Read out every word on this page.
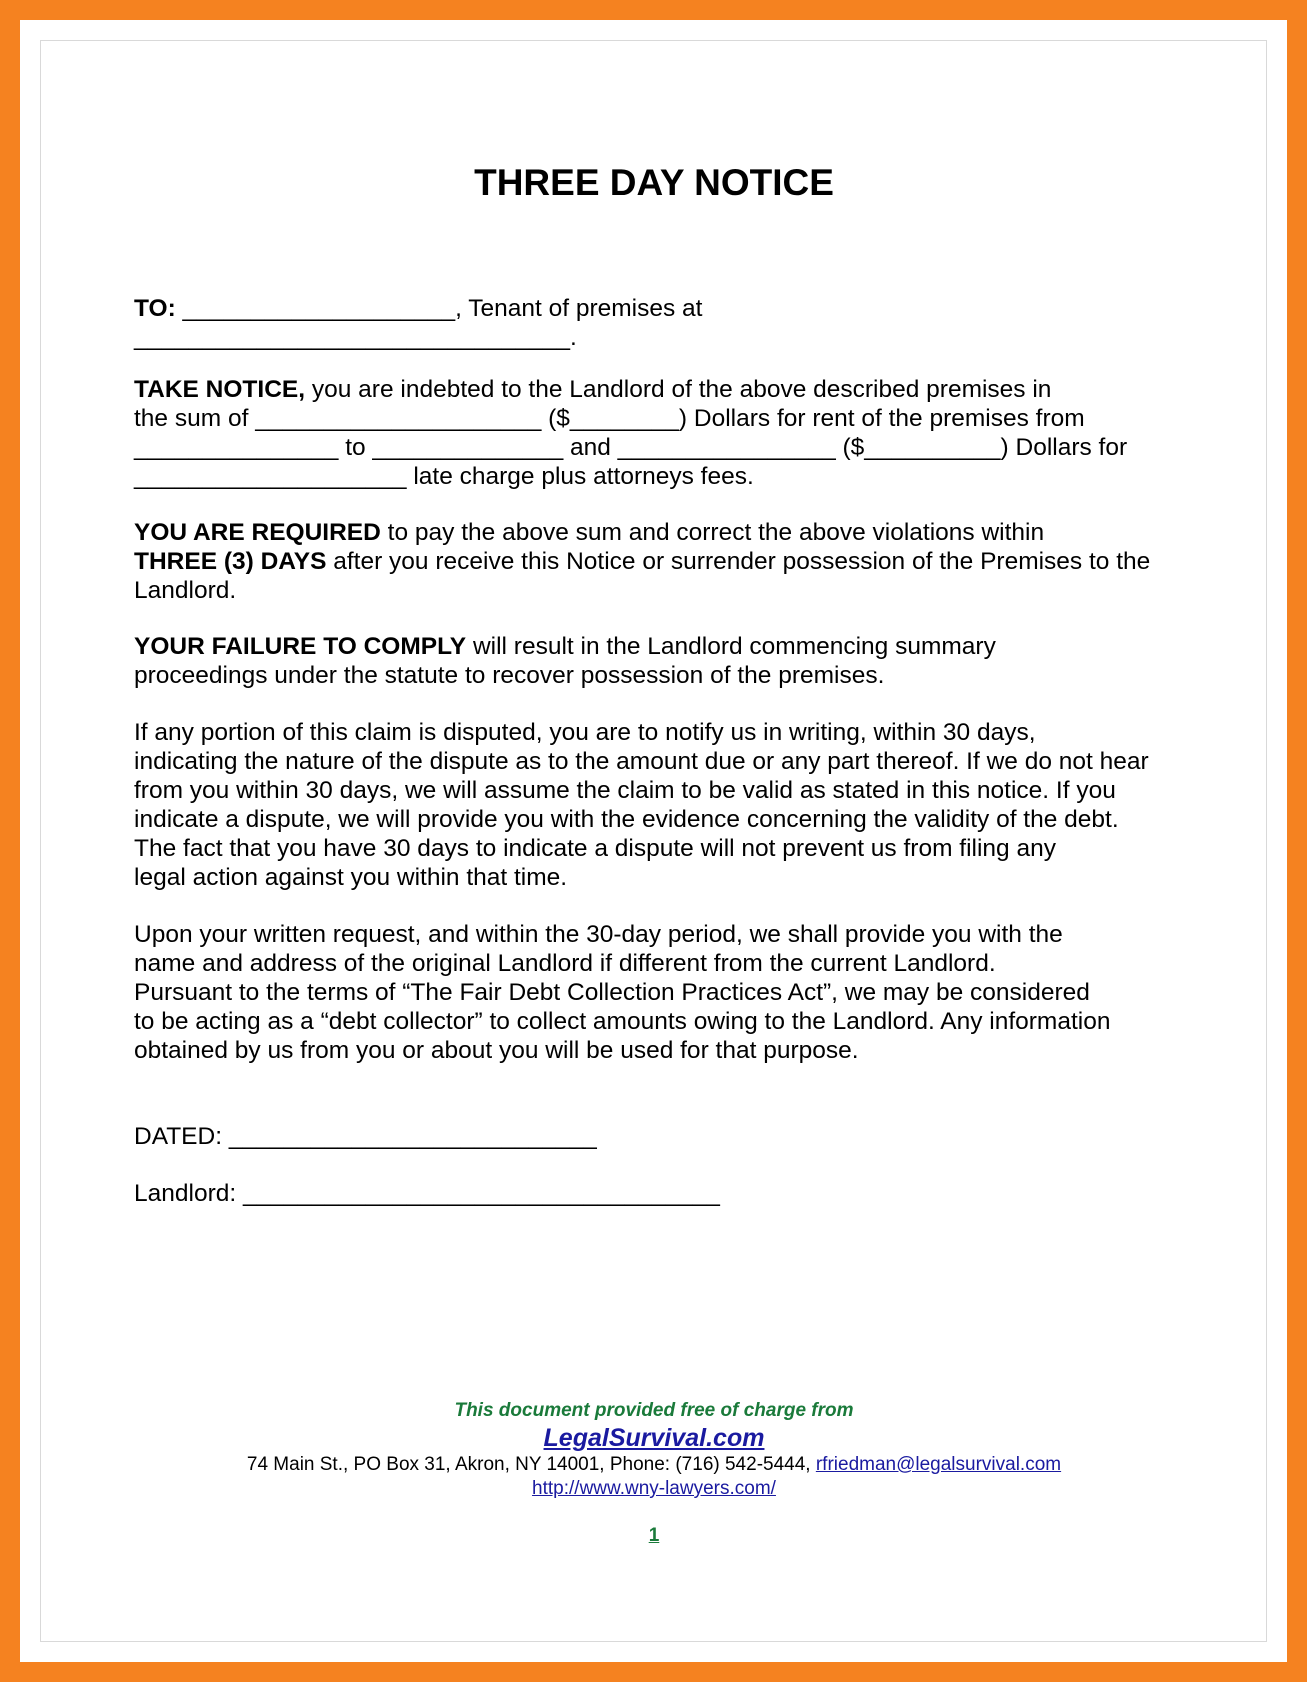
THREE DAY NOTICE
TO: ____________________, Tenant of premises at
________________________________.
TAKE NOTICE, you are indebted to the Landlord of the above described premises in
the sum of _____________________ ($________) Dollars for rent of the premises from
_______________ to ______________ and ________________ ($__________) Dollars for
____________________ late charge plus attorneys fees.
YOU ARE REQUIRED to pay the above sum and correct the above violations within
THREE (3) DAYS after you receive this Notice or surrender possession of the Premises to the
Landlord.
YOUR FAILURE TO COMPLY will result in the Landlord commencing summary
proceedings under the statute to recover possession of the premises.
If any portion of this claim is disputed, you are to notify us in writing, within 30 days,
indicating the nature of the dispute as to the amount due or any part thereof. If we do not hear
from you within 30 days, we will assume the claim to be valid as stated in this notice. If you
indicate a dispute, we will provide you with the evidence concerning the validity of the debt.
The fact that you have 30 days to indicate a dispute will not prevent us from filing any
legal action against you within that time.
Upon your written request, and within the 30-day period, we shall provide you with the
name and address of the original Landlord if different from the current Landlord.
Pursuant to the terms of “The Fair Debt Collection Practices Act”, we may be considered
to be acting as a “debt collector” to collect amounts owing to the Landlord. Any information
obtained by us from you or about you will be used for that purpose.
DATED: ___________________________
Landlord: ___________________________________
This document provided free of charge from
LegalSurvival.com
74 Main St., PO Box 31, Akron, NY 14001, Phone: (716) 542-5444, rfriedman@legalsurvival.com
http://www.wny-lawyers.com/
1
